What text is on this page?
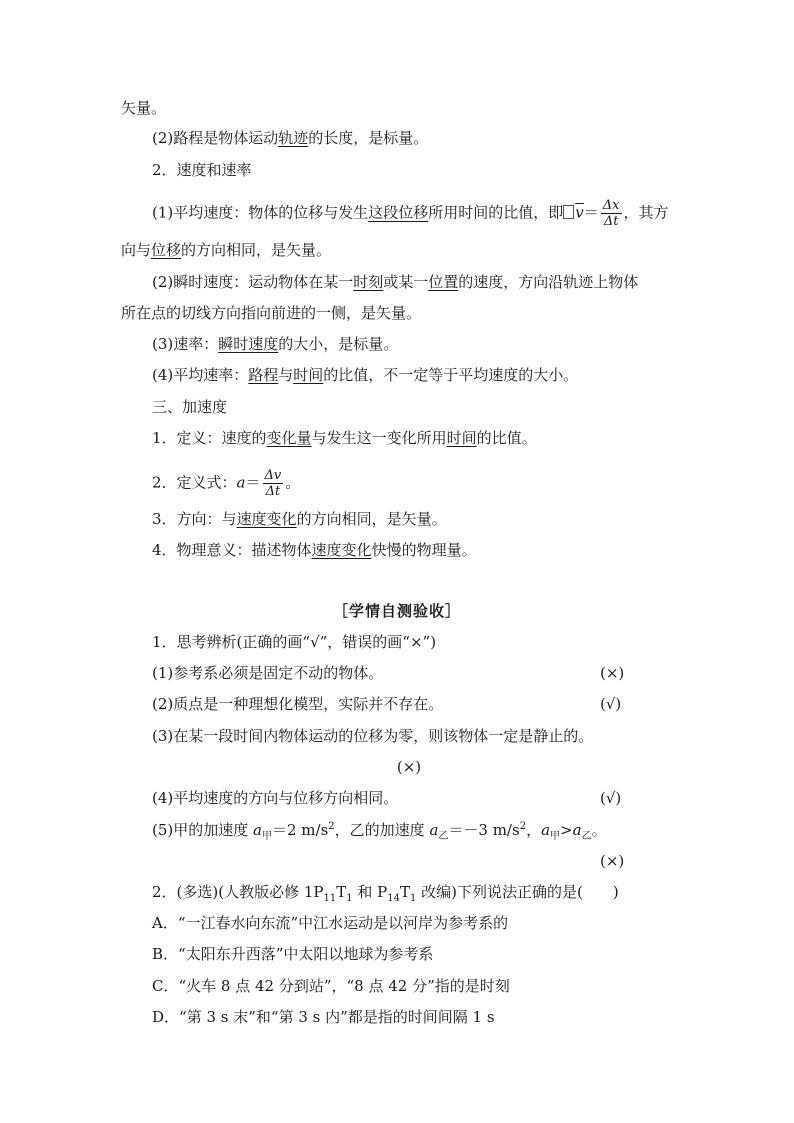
矢量。
(2)路程是物体运动轨迹的长度，是标量。
2．速度和速率
(1)平均速度：物体的位移与发生这段位移所用时间的比值，即 $\overline{v}= \frac{\Delta x}{\Delta t}$ ，其方
向与位移的方向相同，是矢量。
(2)瞬时速度：运动物体在某一时刻或某一位置的速度，方向沿轨迹上物体
所在点的切线方向指向前进的一侧，是矢量。
(3)速率：瞬时速度的大小，是标量。
(4)平均速率：路程与时间的比值，不一定等于平均速度的大小。
三、加速度
1．定义：速度的变化量与发生这一变化所用时间的比值。
2．定义式：$a= \frac{\Delta v}{\Delta t}$ 。
3．方向：与速度变化的方向相同，是矢量。
4．物理意义：描述物体速度变化快慢的物理量。
［学情自测验收］
1．思考辨析(正确的画“√”，错误的画“×”)
(1)参考系必须是固定不动的物体。	(×)
(2)质点是一种理想化模型，实际并不存在。	(√)
(3)在某一段时间内物体运动的位移为零，则该物体一定是静止的。
(×)
(4)平均速度的方向与位移方向相同。	(√)
(5)甲的加速度 $a_甲=2$ $m/s^2$，乙的加速度 $a_乙=-3$ $m/s^2$，$a_甲>a_乙$。
(×)
2．(多选)(人教版必修 $1P_{11}T_1$ 和 $P_{14}T_1$ 改编)下列说法正确的是(　　)
A．“一江春水向东流”中江水运动是以河岸为参考系的
B．“太阳东升西落”中太阳以地球为参考系
C．“火车 8 点 42 分到站”，“8 点 42 分”指的是时刻
D．“第 3 s 末”和“第 3 s 内”都是指的时间间隔 1 s
